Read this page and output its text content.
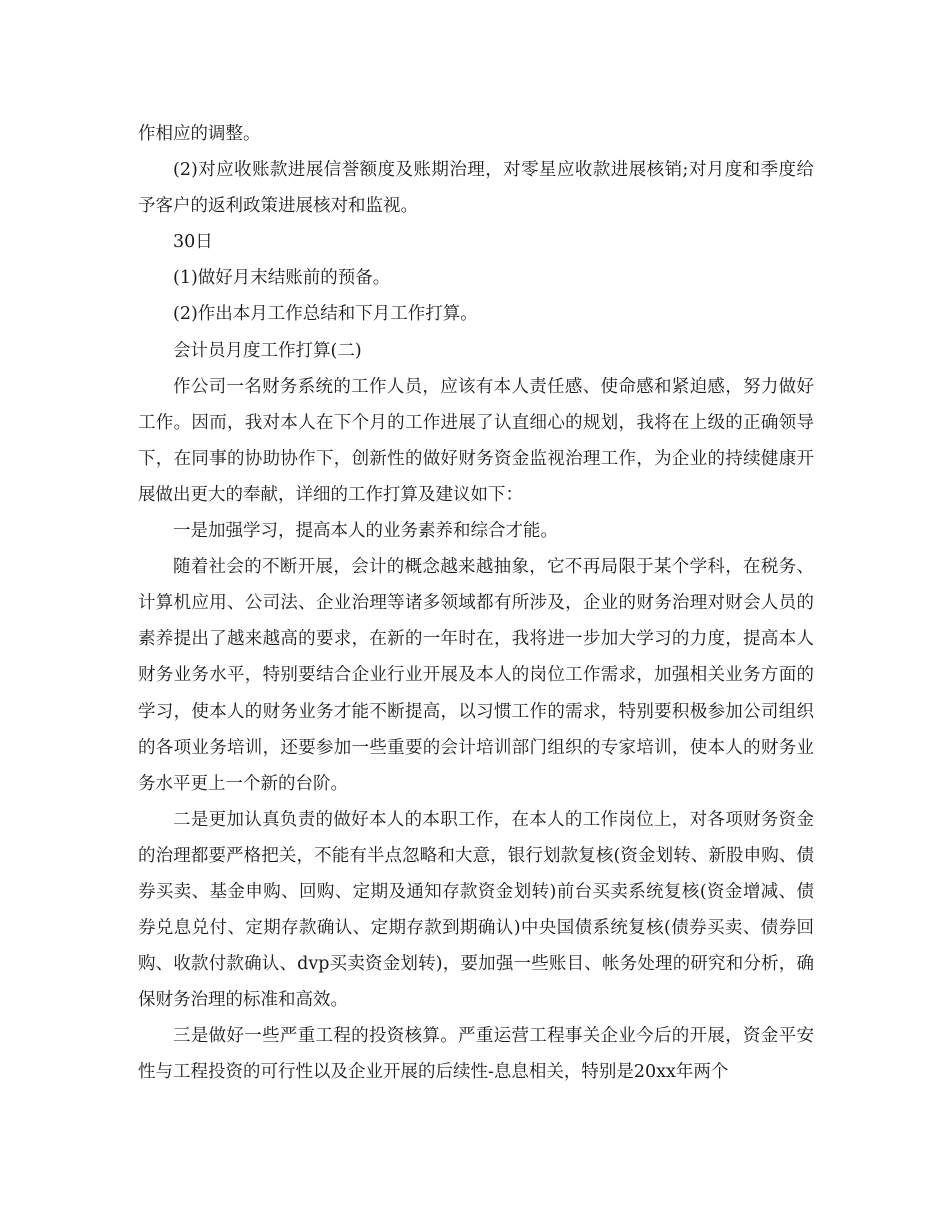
作相应的调整。

(2)对应收账款进展信誉额度及账期治理，对零星应收款进展核销;对月度和季度给予客户的返利政策进展核对和监视。

30日

(1)做好月末结账前的预备。

(2)作出本月工作总结和下月工作打算。

会计员月度工作打算(二)

作公司一名财务系统的工作人员，应该有本人责任感、使命感和紧迫感，努力做好工作。因而，我对本人在下个月的工作进展了认直细心的规划，我将在上级的正确领导下，在同事的协助协作下，创新性的做好财务资金监视治理工作，为企业的持续健康开展做出更大的奉献，详细的工作打算及建议如下：

一是加强学习，提高本人的业务素养和综合才能。

随着社会的不断开展，会计的概念越来越抽象，它不再局限于某个学科，在税务、计算机应用、公司法、企业治理等诸多领域都有所涉及，企业的财务治理对财会人员的素养提出了越来越高的要求，在新的一年时在，我将进一步加大学习的力度，提高本人财务业务水平，特别要结合企业行业开展及本人的岗位工作需求，加强相关业务方面的学习，使本人的财务业务才能不断提高，以习惯工作的需求，特别要积极参加公司组织的各项业务培训，还要参加一些重要的会计培训部门组织的专家培训，使本人的财务业务水平更上一个新的台阶。

二是更加认真负责的做好本人的本职工作，在本人的工作岗位上，对各项财务资金的治理都要严格把关，不能有半点忽略和大意，银行划款复核(资金划转、新股申购、债券买卖、基金申购、回购、定期及通知存款资金划转)前台买卖系统复核(资金增减、债券兑息兑付、定期存款确认、定期存款到期确认)中央国债系统复核(债券买卖、债券回购、收款付款确认、dvp买卖资金划转)，要加强一些账目、帐务处理的研究和分析，确保财务治理的标准和高效。

三是做好一些严重工程的投资核算。严重运营工程事关企业今后的开展，资金平安性与工程投资的可行性以及企业开展的后续性-息息相关，特别是20xx年两个
